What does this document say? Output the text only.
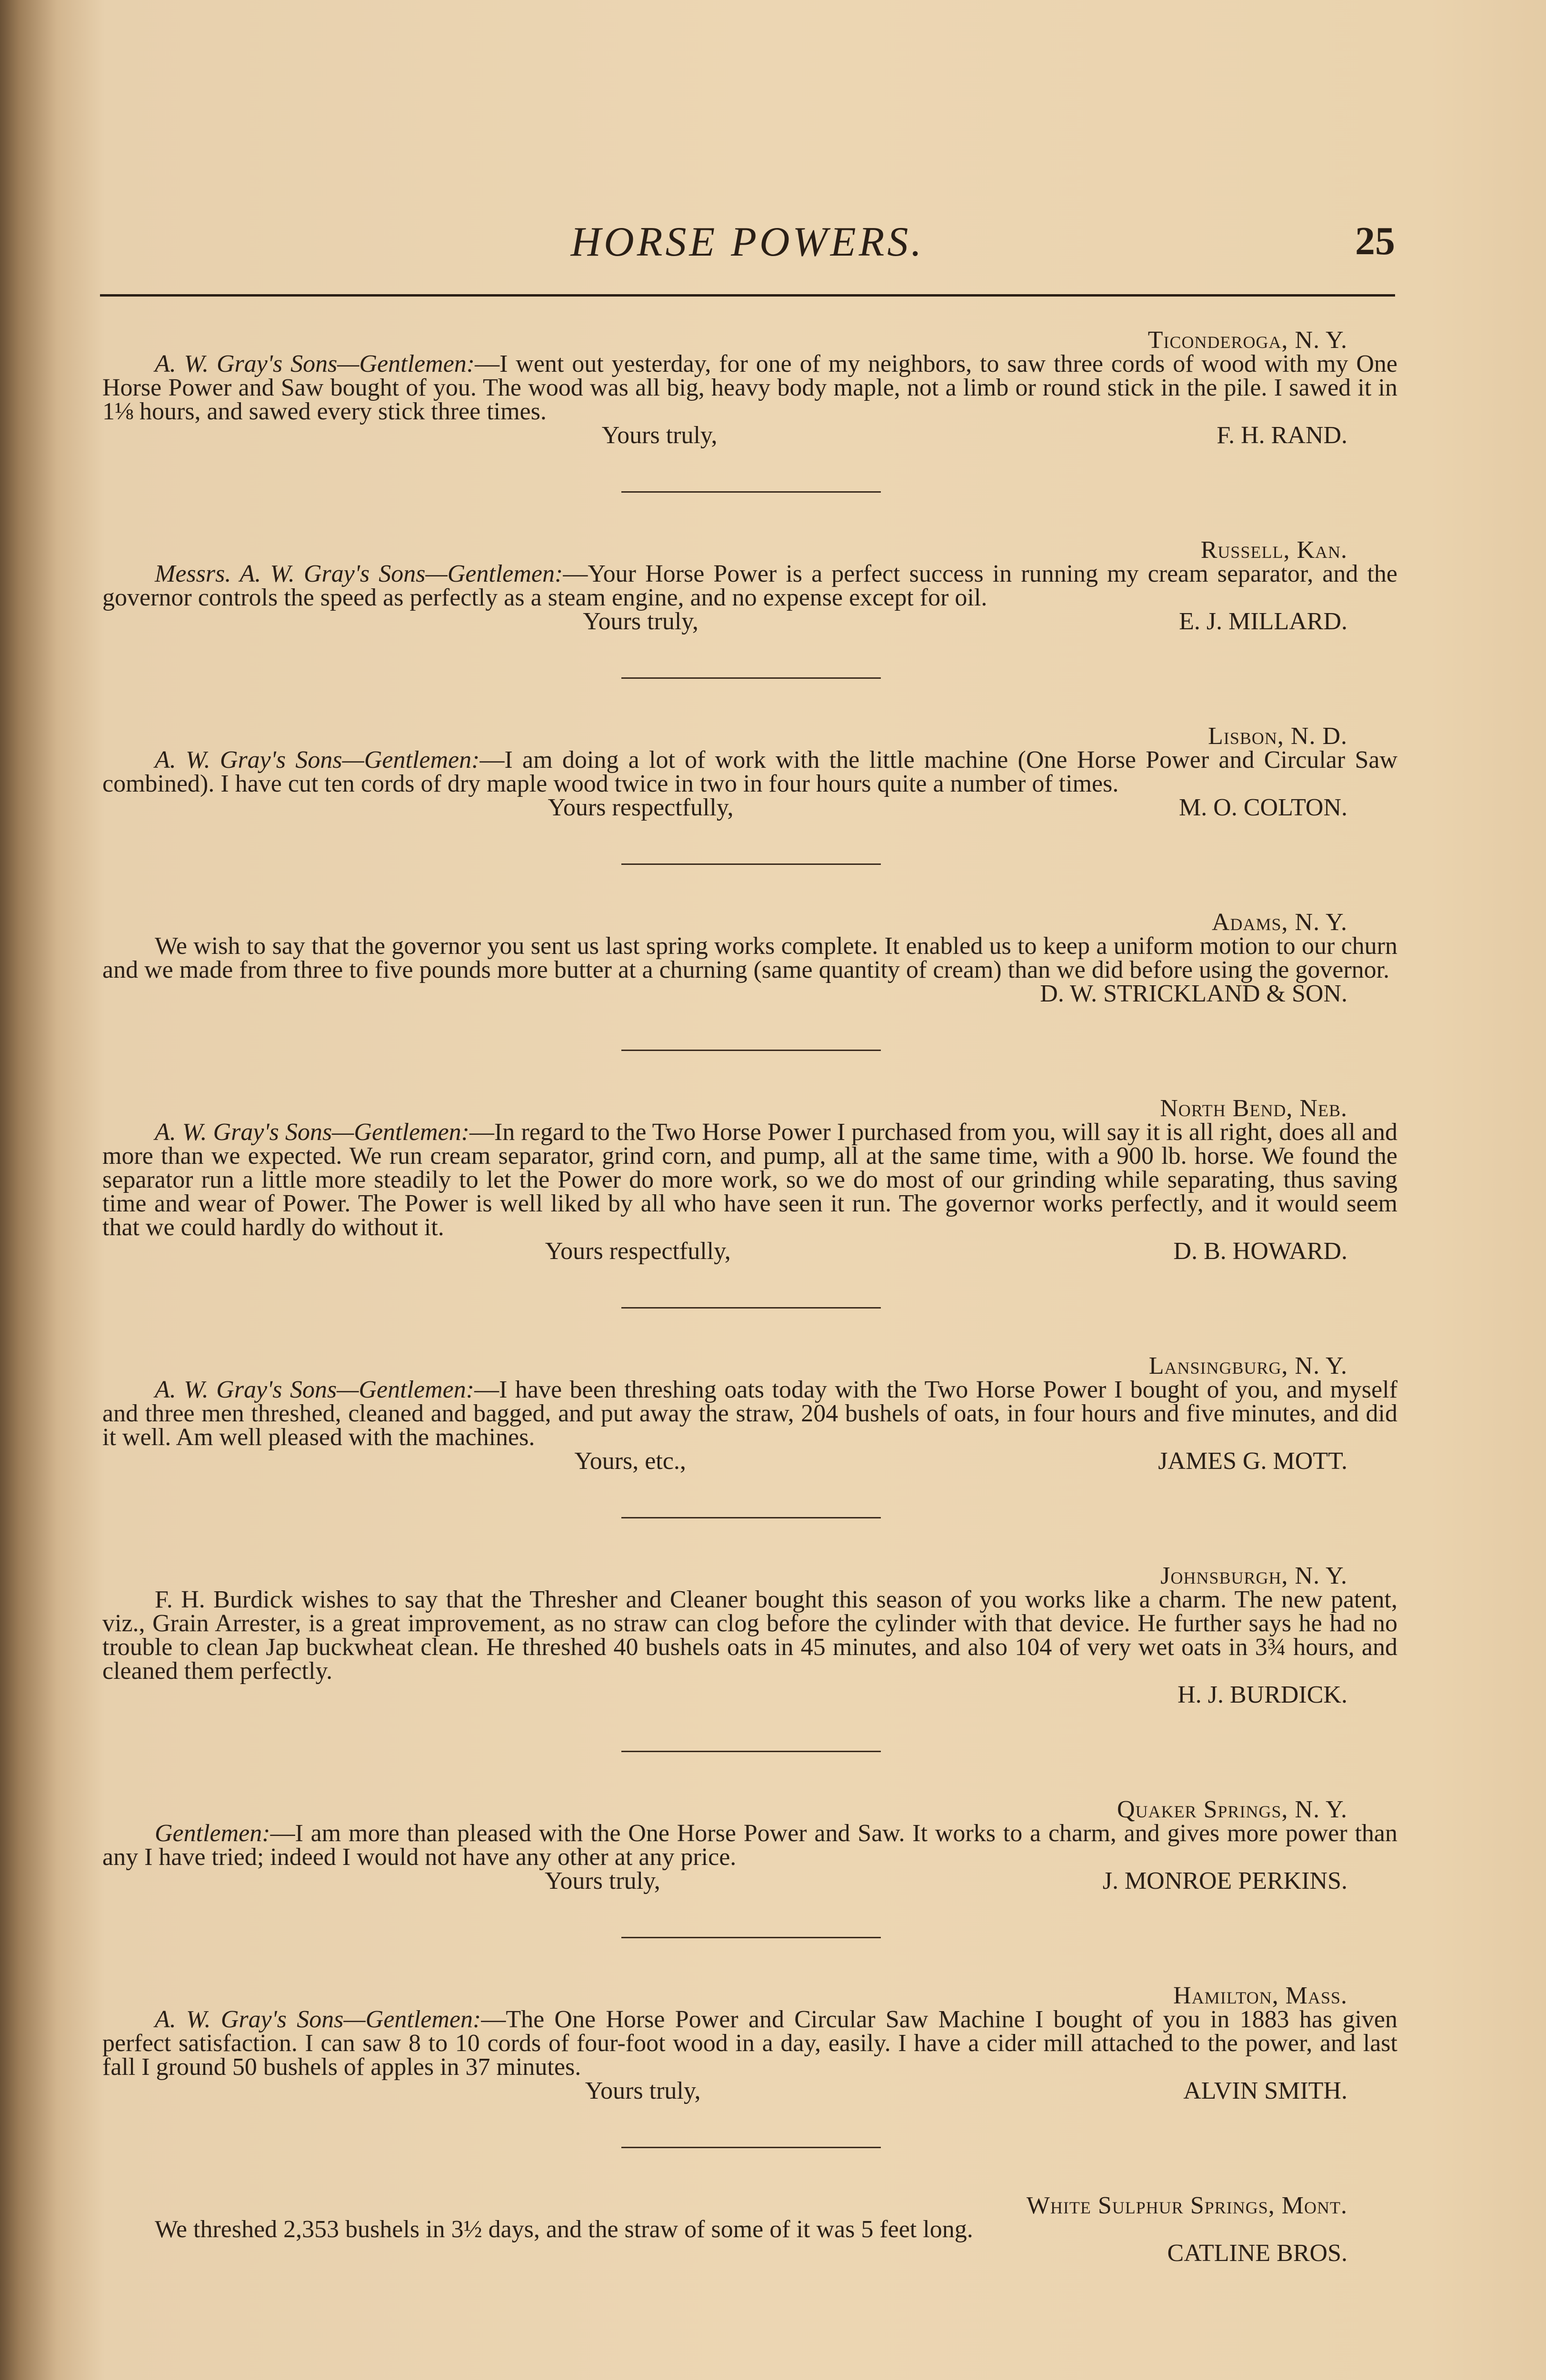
HORSE POWERS.	25
Ticonderoga, N. Y.
A. W. Gray's Sons—Gentlemen:—I went out yesterday, for one of my neighbors, to saw three cords of wood with my One Horse Power and Saw bought of you. The wood was all big, heavy body maple, not a limb or round stick in the pile. I sawed it in 1⅛ hours, and sawed every stick three times.
Yours truly,	F. H. RAND.
Russell, Kan.
Messrs. A. W. Gray's Sons—Gentlemen:—Your Horse Power is a perfect success in running my cream separator, and the governor controls the speed as perfectly as a steam engine, and no expense except for oil.
Yours truly,	E. J. MILLARD.
Lisbon, N. D.
A. W. Gray's Sons—Gentlemen:—I am doing a lot of work with the little machine (One Horse Power and Circular Saw combined). I have cut ten cords of dry maple wood twice in two in four hours quite a number of times.
Yours respectfully,	M. O. COLTON.
Adams, N. Y.
We wish to say that the governor you sent us last spring works complete. It enabled us to keep a uniform motion to our churn and we made from three to five pounds more butter at a churning (same quantity of cream) than we did before using the governor.
D. W. STRICKLAND & SON.
North Bend, Neb.
A. W. Gray's Sons—Gentlemen:—In regard to the Two Horse Power I purchased from you, will say it is all right, does all and more than we expected. We run cream separator, grind corn, and pump, all at the same time, with a 900 lb. horse. We found the separator run a little more steadily to let the Power do more work, so we do most of our grinding while separating, thus saving time and wear of Power. The Power is well liked by all who have seen it run. The governor works perfectly, and it would seem that we could hardly do without it.
Yours respectfully,	D. B. HOWARD.
Lansingburg, N. Y.
A. W. Gray's Sons—Gentlemen:—I have been threshing oats today with the Two Horse Power I bought of you, and myself and three men threshed, cleaned and bagged, and put away the straw, 204 bushels of oats, in four hours and five minutes, and did it well. Am well pleased with the machines.
Yours, etc.,	JAMES G. MOTT.
Johnsburgh, N. Y.
F. H. Burdick wishes to say that the Thresher and Cleaner bought this season of you works like a charm. The new patent, viz., Grain Arrester, is a great improvement, as no straw can clog before the cylinder with that device. He further says he had no trouble to clean Jap buckwheat clean. He threshed 40 bushels oats in 45 minutes, and also 104 of very wet oats in 3¾ hours, and cleaned them perfectly.
H. J. BURDICK.
Quaker Springs, N. Y.
Gentlemen:—I am more than pleased with the One Horse Power and Saw. It works to a charm, and gives more power than any I have tried; indeed I would not have any other at any price.
Yours truly,	J. MONROE PERKINS.
Hamilton, Mass.
A. W. Gray's Sons—Gentlemen:—The One Horse Power and Circular Saw Machine I bought of you in 1883 has given perfect satisfaction. I can saw 8 to 10 cords of four-foot wood in a day, easily. I have a cider mill attached to the power, and last fall I ground 50 bushels of apples in 37 minutes.
Yours truly,	ALVIN SMITH.
White Sulphur Springs, Mont.
We threshed 2,353 bushels in 3½ days, and the straw of some of it was 5 feet long.
CATLINE BROS.
